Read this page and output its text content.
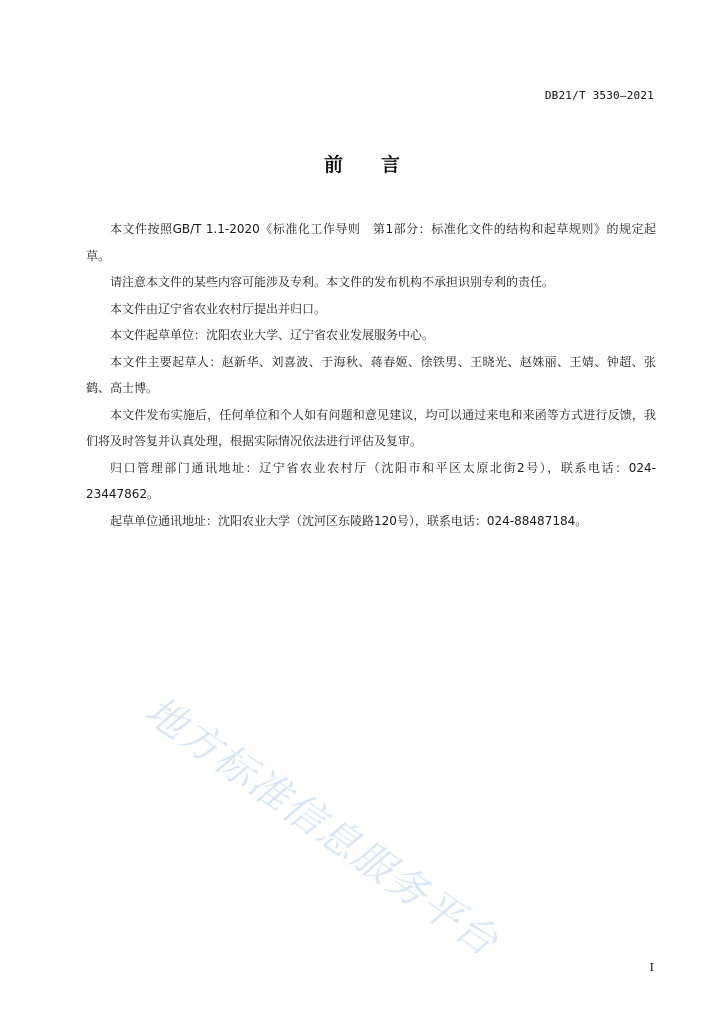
DB21/T 3530—2021
前言

本文件按照GB/T 1.1-2020《标准化工作导则　第1部分：标准化文件的结构和起草规则》的规定起草。

请注意本文件的某些内容可能涉及专利。本文件的发布机构不承担识别专利的责任。

本文件由辽宁省农业农村厅提出并归口。

本文件起草单位：沈阳农业大学、辽宁省农业发展服务中心。

本文件主要起草人：赵新华、刘喜波、于海秋、蒋春姬、徐铁男、王晓光、赵姝丽、王婧、钟超、张鹤、高士博。

本文件发布实施后，任何单位和个人如有问题和意见建议，均可以通过来电和来函等方式进行反馈，我们将及时答复并认真处理，根据实际情况依法进行评估及复审。

归口管理部门通讯地址：辽宁省农业农村厅（沈阳市和平区太原北街2号），联系电话：024-23447862。

起草单位通讯地址：沈阳农业大学（沈河区东陵路120号），联系电话：024-88487184。

地方标准信息服务平台
I
